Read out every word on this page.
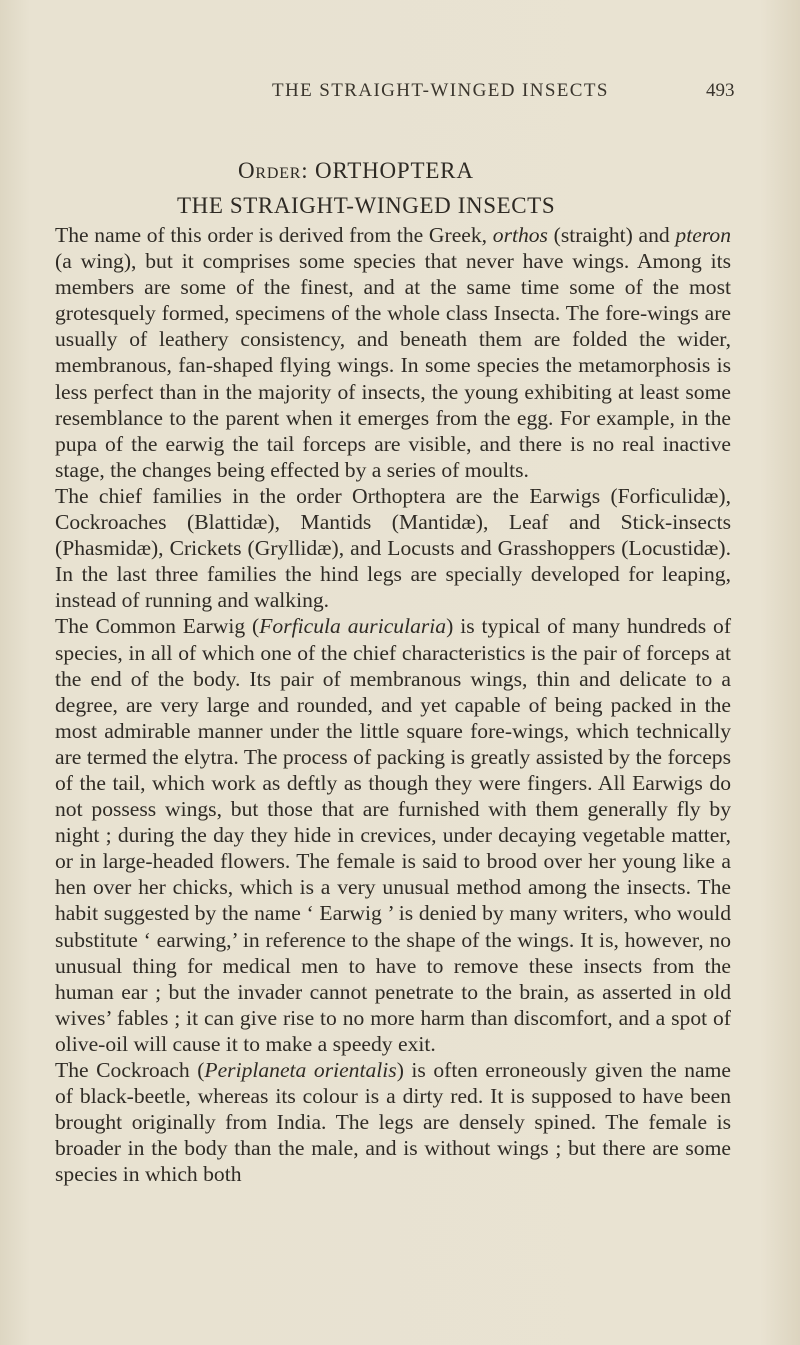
THE STRAIGHT-WINGED INSECTS	493
Order: ORTHOPTERA
THE STRAIGHT-WINGED INSECTS

The name of this order is derived from the Greek, orthos (straight) and pteron (a wing), but it comprises some species that never have wings. Among its members are some of the finest, and at the same time some of the most grotesquely formed, specimens of the whole class Insecta. The fore-wings are usually of leathery consistency, and beneath them are folded the wider, membranous, fan-shaped flying wings. In some species the metamorphosis is less perfect than in the majority of insects, the young exhibiting at least some resemblance to the parent when it emerges from the egg. For example, in the pupa of the earwig the tail forceps are visible, and there is no real inactive stage, the changes being effected by a series of moults.

The chief families in the order Orthoptera are the Earwigs (Forficulidæ), Cockroaches (Blattidæ), Mantids (Mantidæ), Leaf and Stick-insects (Phasmidæ), Crickets (Gryllidæ), and Locusts and Grasshoppers (Locustidæ). In the last three families the hind legs are specially developed for leaping, instead of running and walking.

The Common Earwig (Forficula auricularia) is typical of many hundreds of species, in all of which one of the chief characteristics is the pair of forceps at the end of the body. Its pair of membranous wings, thin and delicate to a degree, are very large and rounded, and yet capable of being packed in the most admirable manner under the little square fore-wings, which technically are termed the elytra. The process of packing is greatly assisted by the forceps of the tail, which work as deftly as though they were fingers. All Earwigs do not possess wings, but those that are furnished with them generally fly by night ; during the day they hide in crevices, under decaying vegetable matter, or in large-headed flowers. The female is said to brood over her young like a hen over her chicks, which is a very unusual method among the insects. The habit suggested by the name ‘ Earwig ’ is denied by many writers, who would substitute ‘ earwing,’ in reference to the shape of the wings. It is, however, no unusual thing for medical men to have to remove these insects from the human ear ; but the invader cannot penetrate to the brain, as asserted in old wives’ fables ; it can give rise to no more harm than discomfort, and a spot of olive-oil will cause it to make a speedy exit.

The Cockroach (Periplaneta orientalis) is often erroneously given the name of black-beetle, whereas its colour is a dirty red. It is supposed to have been brought originally from India. The legs are densely spined. The female is broader in the body than the male, and is without wings ; but there are some species in which both
